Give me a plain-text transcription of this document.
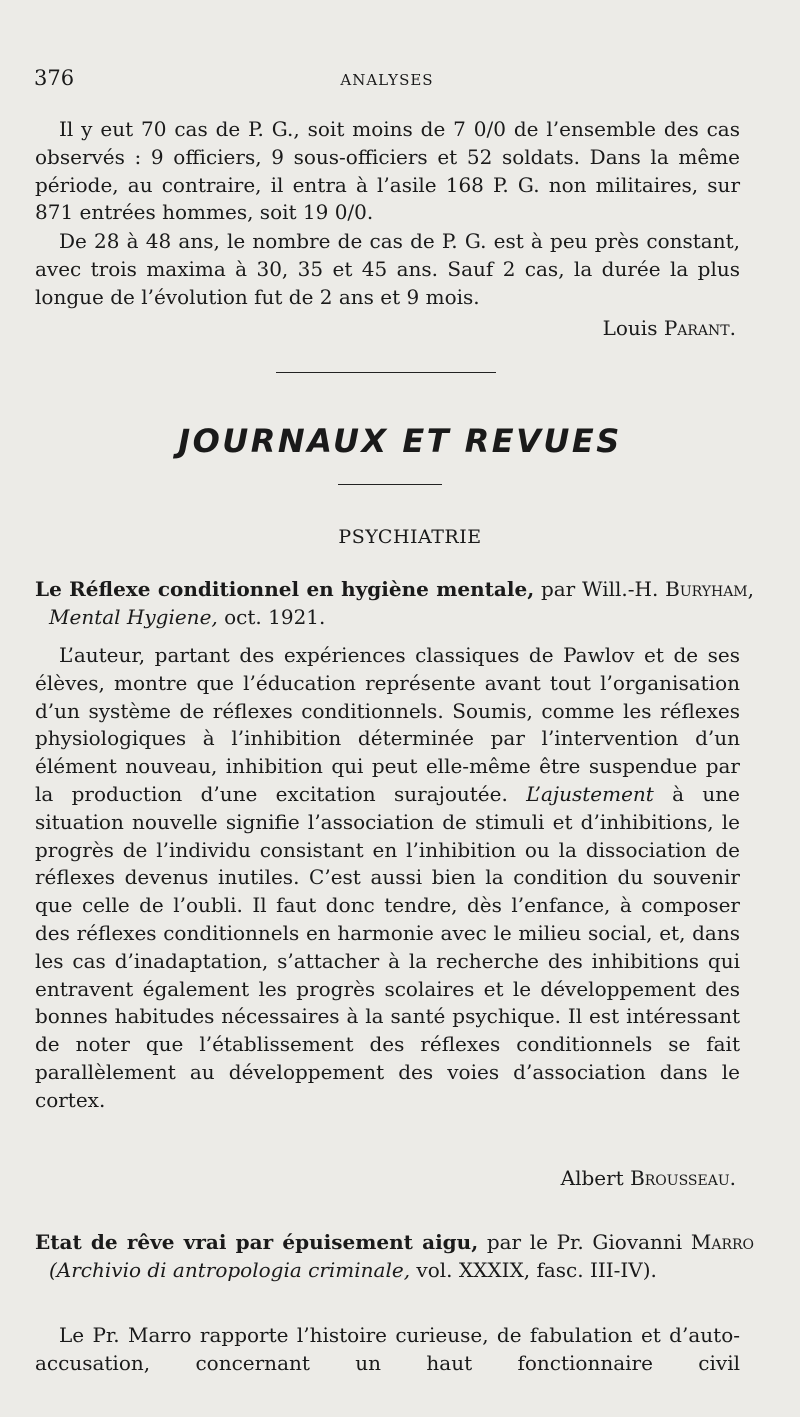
376	ANALYSES

Il y eut 70 cas de P. G., soit moins de 7 0/0 de l’ensemble des cas observés : 9 officiers, 9 sous-officiers et 52 soldats. Dans la même période, au contraire, il entra à l’asile 168 P. G. non militaires, sur 871 entrées hommes, soit 19 0/0.

De 28 à 48 ans, le nombre de cas de P. G. est à peu près constant, avec trois maxima à 30, 35 et 45 ans. Sauf 2 cas, la durée la plus longue de l’évolution fut de 2 ans et 9 mois.

Louis Parant.
JOURNAUX ET REVUES
PSYCHIATRIE

Le Réflexe conditionnel en hygiène mentale, par Will.-H. Buryham, Mental Hygiene, oct. 1921.

L’auteur, partant des expériences classiques de Pawlov et de ses élèves, montre que l’éducation représente avant tout l’organisation d’un système de réflexes conditionnels. Soumis, comme les réflexes physiologiques à l’inhibition déterminée par l’intervention d’un élément nouveau, inhibition qui peut elle-même être suspendue par la production d’une excitation surajoutée. L’ajustement à une situation nouvelle signifie l’association de stimuli et d’inhibitions, le progrès de l’individu consistant en l’inhibition ou la dissociation de réflexes devenus inutiles. C’est aussi bien la condition du souvenir que celle de l’oubli. Il faut donc tendre, dès l’enfance, à composer des réflexes conditionnels en harmonie avec le milieu social, et, dans les cas d’inadaptation, s’attacher à la recherche des inhibitions qui entravent également les progrès scolaires et le développement des bonnes habitudes nécessaires à la santé psychique. Il est intéressant de noter que l’établissement des réflexes conditionnels se fait parallèlement au développement des voies d’association dans le cortex.

Albert Brousseau.

Etat de rêve vrai par épuisement aigu, par le Pr. Giovanni Marro (Archivio di antropologia criminale, vol. XXXIX, fasc. III-IV).

Le Pr. Marro rapporte l’histoire curieuse, de fabulation et d’auto-accusation, concernant un haut fonctionnaire civil
